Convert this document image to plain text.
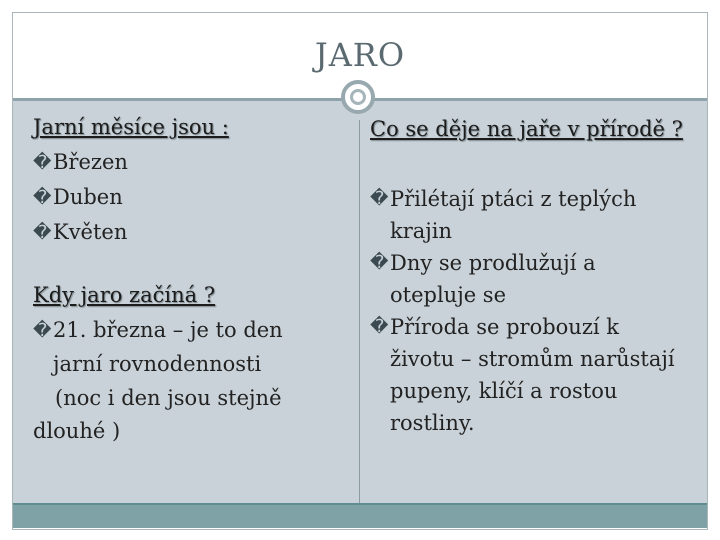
JARO
Jarní měsíce jsou :
� Březen
� Duben
� Květen
Kdy jaro začíná ?
� 21. března – je to den
jarní rovnodennosti
(noc i den jsou stejně
dlouhé )
Co se děje na jaře v přírodě ?
� Přilétají ptáci z teplých
krajin
� Dny se prodlužují a
otepluje se
� Příroda se probouzí k
životu – stromům narůstají
pupeny, klíčí a rostou
rostliny.
